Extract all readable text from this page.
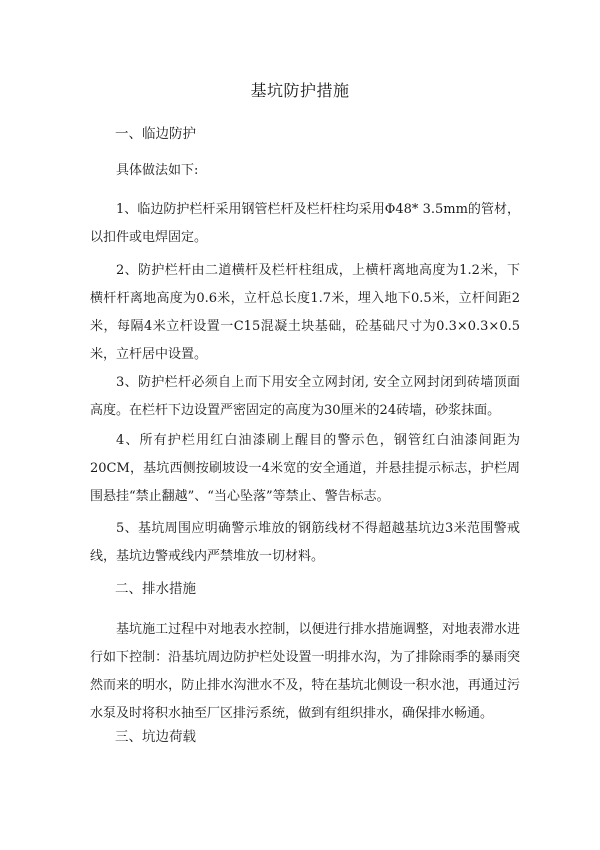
基坑防护措施
一、临边防护
具体做法如下:
1、临边防护栏杆采用钢管栏杆及栏杆柱均采用Φ48* 3.5mm的管材，以扣件或电焊固定。
2、防护栏杆由二道横杆及栏杆柱组成，上横杆离地高度为1.2米，下横杆杆离地高度为0.6米，立杆总长度1.7米，埋入地下0.5米，立杆间距2米，每隔4米立杆设置一C15混凝土块基础，砼基础尺寸为0.3×0.3×0.5米，立杆居中设置。
3、防护栏杆必须自上而下用安全立网封闭, 安全立网封闭到砖墙顶面高度。在栏杆下边设置严密固定的高度为30厘米的24砖墙，砂浆抹面。
4、所有护栏用红白油漆刷上醒目的警示色，钢管红白油漆间距为20CM，基坑西侧按刷坡设一4米宽的安全通道，并悬挂提示标志，护栏周围悬挂“禁止翻越”、“当心坠落”等禁止、警告标志。
5、基坑周围应明确警示堆放的钢筋线材不得超越基坑边3米范围警戒线，基坑边警戒线内严禁堆放一切材料。
二、排水措施
基坑施工过程中对地表水控制，以便进行排水措施调整，对地表滞水进行如下控制：沿基坑周边防护栏处设置一明排水沟，为了排除雨季的暴雨突然而来的明水，防止排水沟泄水不及，特在基坑北侧设一积水池，再通过污水泵及时将积水抽至厂区排污系统，做到有组织排水，确保排水畅通。
三、坑边荷载
